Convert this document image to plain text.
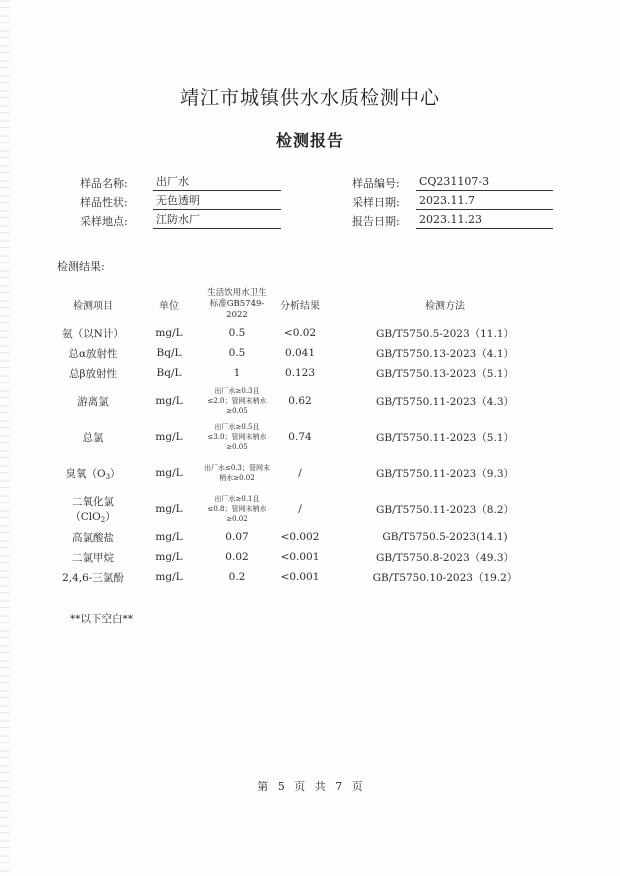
靖江市城镇供水水质检测中心
检测报告
样品名称:	出厂水
样品性状:	无色透明
采样地点:	江防水厂
样品编号: CQ231107-3
采样日期: 2023.11.7
报告日期: 2023.11.23
检测结果:
检测项目	单位	生活饮用水卫生标准GB5749-2022	分析结果	检测方法
氨（以N计）	mg/L	0.5	<0.02	GB/T5750.5-2023（11.1）
总α放射性	Bq/L	0.5	0.041	GB/T5750.13-2023（4.1）
总β放射性	Bq/L	1	0.123	GB/T5750.13-2023（5.1）
游离氯	mg/L	出厂水≥0.3且≤2.0；管网末梢水≥0.05	0.62	GB/T5750.11-2023（4.3）
总氯	mg/L	出厂水≥0.5且≤3.0；管网末梢水≥0.05	0.74	GB/T5750.11-2023（5.1）
臭氧$(O_3)$	mg/L	出厂水≤0.3；管网末梢水≥0.02	/	GB/T5750.11-2023（9.3）
二氧化氯（ClO$_2$）	mg/L	出厂水≥0.1且≤0.8；管网末梢水≥0.02	/	GB/T5750.11-2023（8.2）
高氯酸盐	mg/L	0.07	<0.002	GB/T5750.5-2023(14.1)
二氯甲烷	mg/L	0.02	<0.001	GB/T5750.8-2023（49.3）
2,4,6-三氯酚	mg/L	0.2	<0.001	GB/T5750.10-2023（19.2）
**以下空白**
第 5 页 共 7 页
